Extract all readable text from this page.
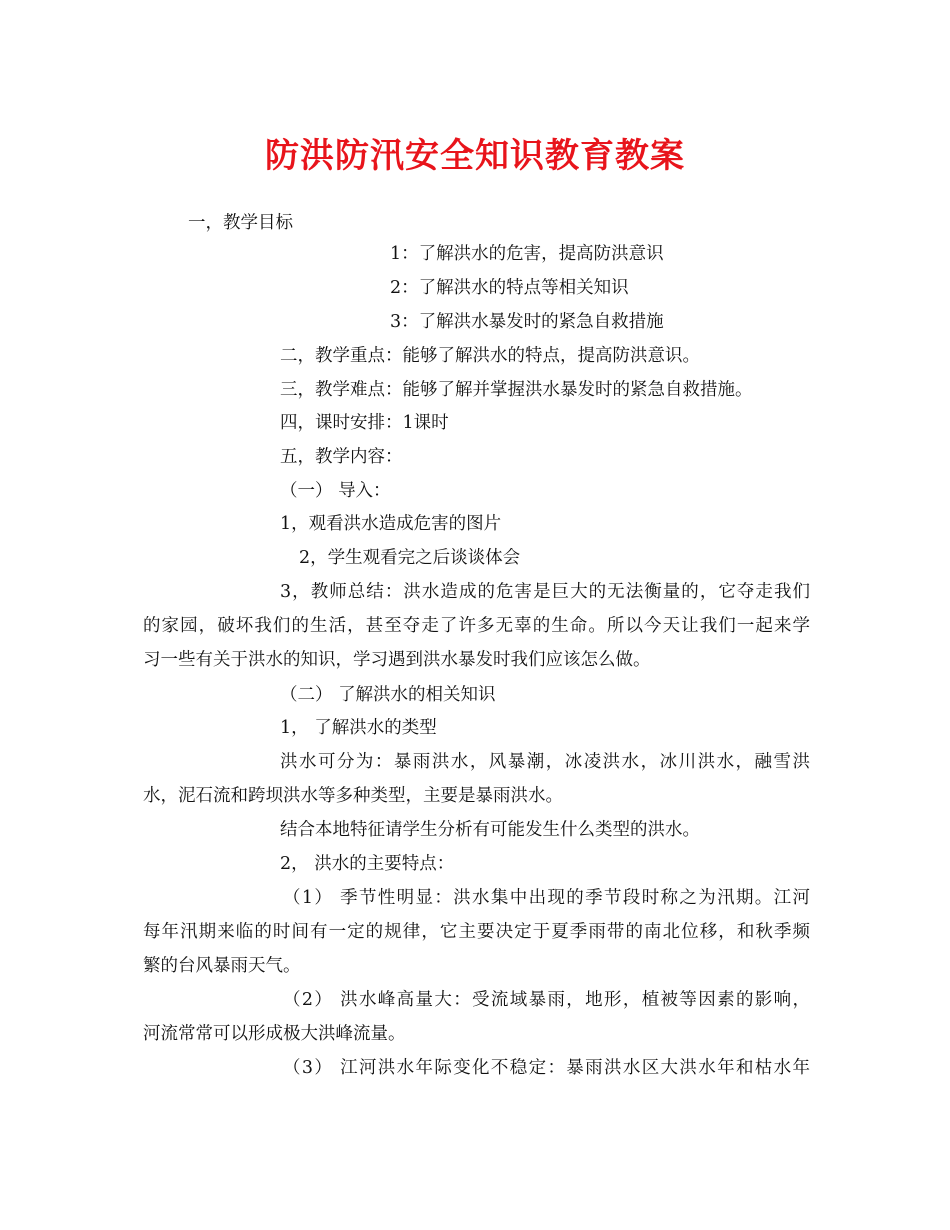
防洪防汛安全知识教育教案
一，教学目标
1：了解洪水的危害，提高防洪意识
2：了解洪水的特点等相关知识
3：了解洪水暴发时的紧急自救措施
二，教学重点：能够了解洪水的特点，提高防洪意识。
三，教学难点：能够了解并掌握洪水暴发时的紧急自救措施。
四，课时安排：1课时
五，教学内容：
（一） 导入：
1，观看洪水造成危害的图片
2，学生观看完之后谈谈体会
3，教师总结：洪水造成的危害是巨大的无法衡量的，它夺走我们
的家园，破坏我们的生活，甚至夺走了许多无辜的生命。所以今天让我们一起来学
习一些有关于洪水的知识，学习遇到洪水暴发时我们应该怎么做。
（二） 了解洪水的相关知识
1， 了解洪水的类型
洪水可分为：暴雨洪水，风暴潮，冰凌洪水，冰川洪水，融雪洪
水，泥石流和跨坝洪水等多种类型，主要是暴雨洪水。
结合本地特征请学生分析有可能发生什么类型的洪水。
2， 洪水的主要特点：
（1） 季节性明显：洪水集中出现的季节段时称之为汛期。江河
每年汛期来临的时间有一定的规律，它主要决定于夏季雨带的南北位移，和秋季频
繁的台风暴雨天气。
（2） 洪水峰高量大：受流域暴雨，地形，植被等因素的影响，
河流常常可以形成极大洪峰流量。
（3） 江河洪水年际变化不稳定：暴雨洪水区大洪水年和枯水年
